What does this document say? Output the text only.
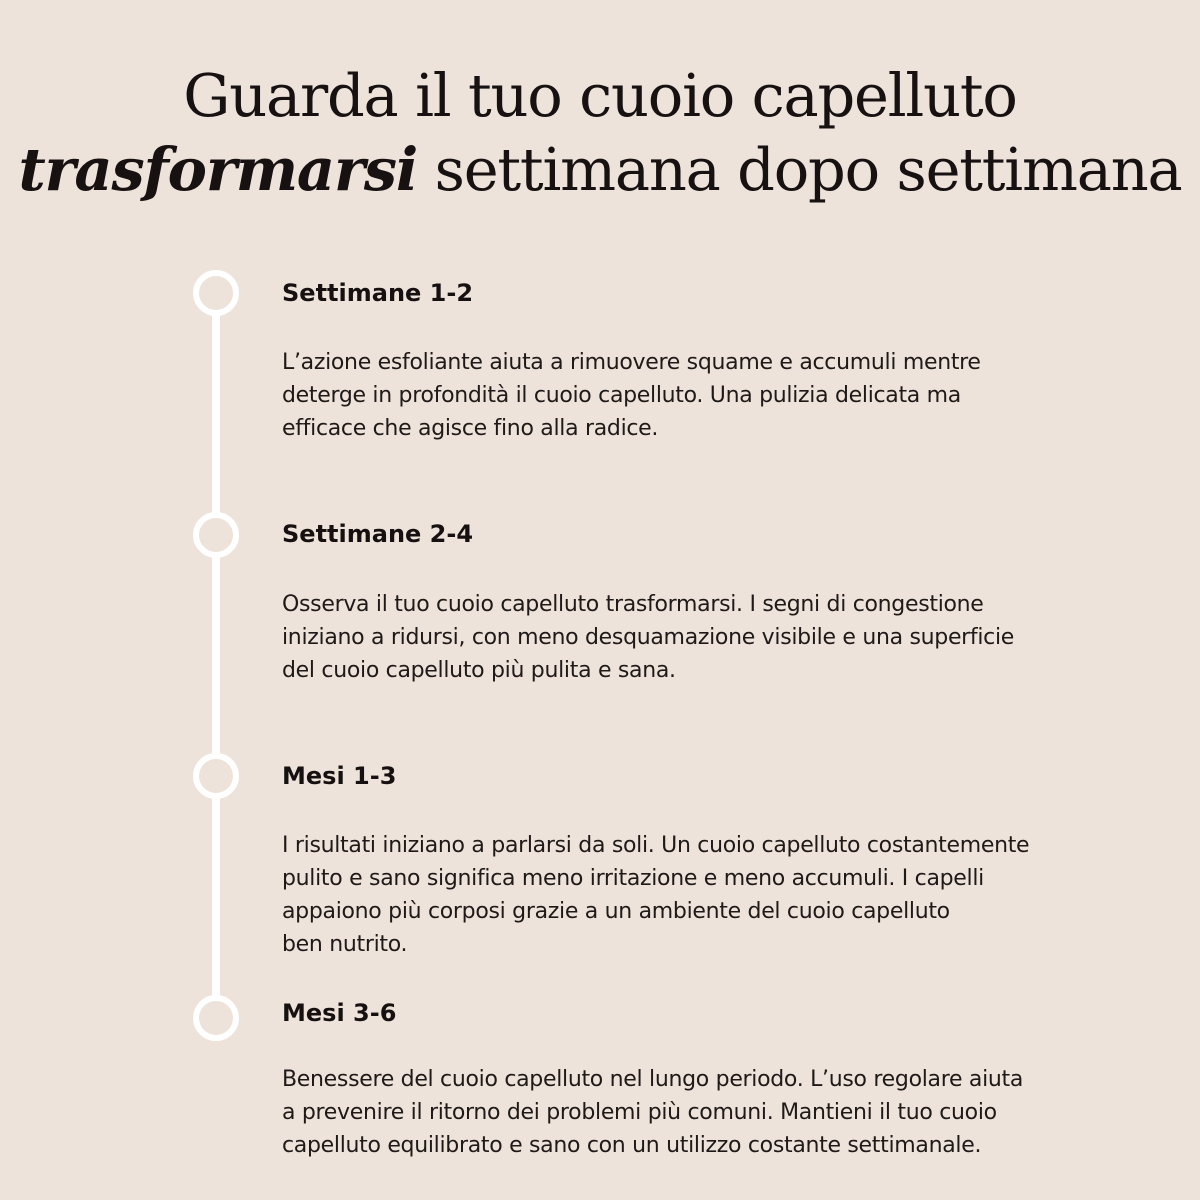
Guarda il tuo cuoio capelluto
trasformarsi settimana dopo settimana
Settimane 1-2
L’azione esfoliante aiuta a rimuovere squame e accumuli mentre
deterge in profondità il cuoio capelluto. Una pulizia delicata ma
efficace che agisce fino alla radice.
Settimane 2-4
Osserva il tuo cuoio capelluto trasformarsi. I segni di congestione
iniziano a ridursi, con meno desquamazione visibile e una superficie
del cuoio capelluto più pulita e sana.
Mesi 1-3
I risultati iniziano a parlarsi da soli. Un cuoio capelluto costantemente
pulito e sano significa meno irritazione e meno accumuli. I capelli
appaiono più corposi grazie a un ambiente del cuoio capelluto
ben nutrito.
Mesi 3-6
Benessere del cuoio capelluto nel lungo periodo. L’uso regolare aiuta
a prevenire il ritorno dei problemi più comuni. Mantieni il tuo cuoio
capelluto equilibrato e sano con un utilizzo costante settimanale.
